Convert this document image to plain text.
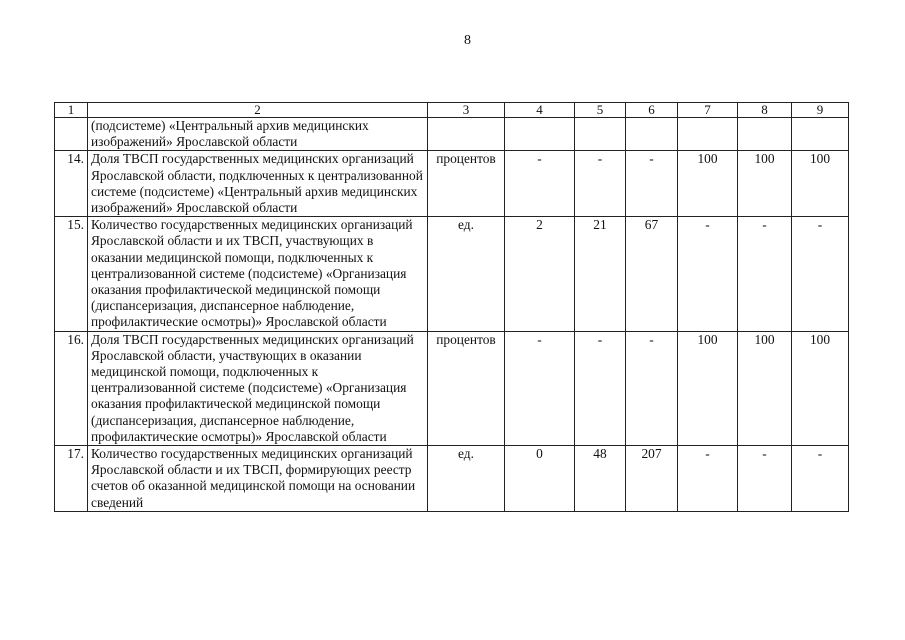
8
1	2	3	4	5	6	7	8	9
	(подсистеме) «Центральный архив медицинских изображений» Ярославской области							
14.	Доля ТВСП государственных медицинских организаций Ярославской области, подключенных к централизованной системе (подсистеме) «Центральный архив медицинских изображений» Ярославской области	процентов	-	-	-	100	100	100
15.	Количество государственных медицинских организаций Ярославской области и их ТВСП, участвующих в оказании медицинской помощи, подключенных к централизованной системе (подсистеме) «Организация оказания профилактической медицинской помощи (диспансеризация, диспансерное наблюдение, профилактические осмотры)» Ярославской области	ед.	2	21	67	-	-	-
16.	Доля ТВСП государственных медицинских организаций Ярославской области, участвующих в оказании медицинской помощи, подключенных к централизованной системе (подсистеме) «Организация оказания профилактической медицинской помощи (диспансеризация, диспансерное наблюдение, профилактические осмотры)» Ярославской области	процентов	-	-	-	100	100	100
17.	Количество государственных медицинских организаций Ярославской области и их ТВСП, формирующих реестр счетов об оказанной медицинской помощи на основании сведений	ед.	0	48	207	-	-	-
